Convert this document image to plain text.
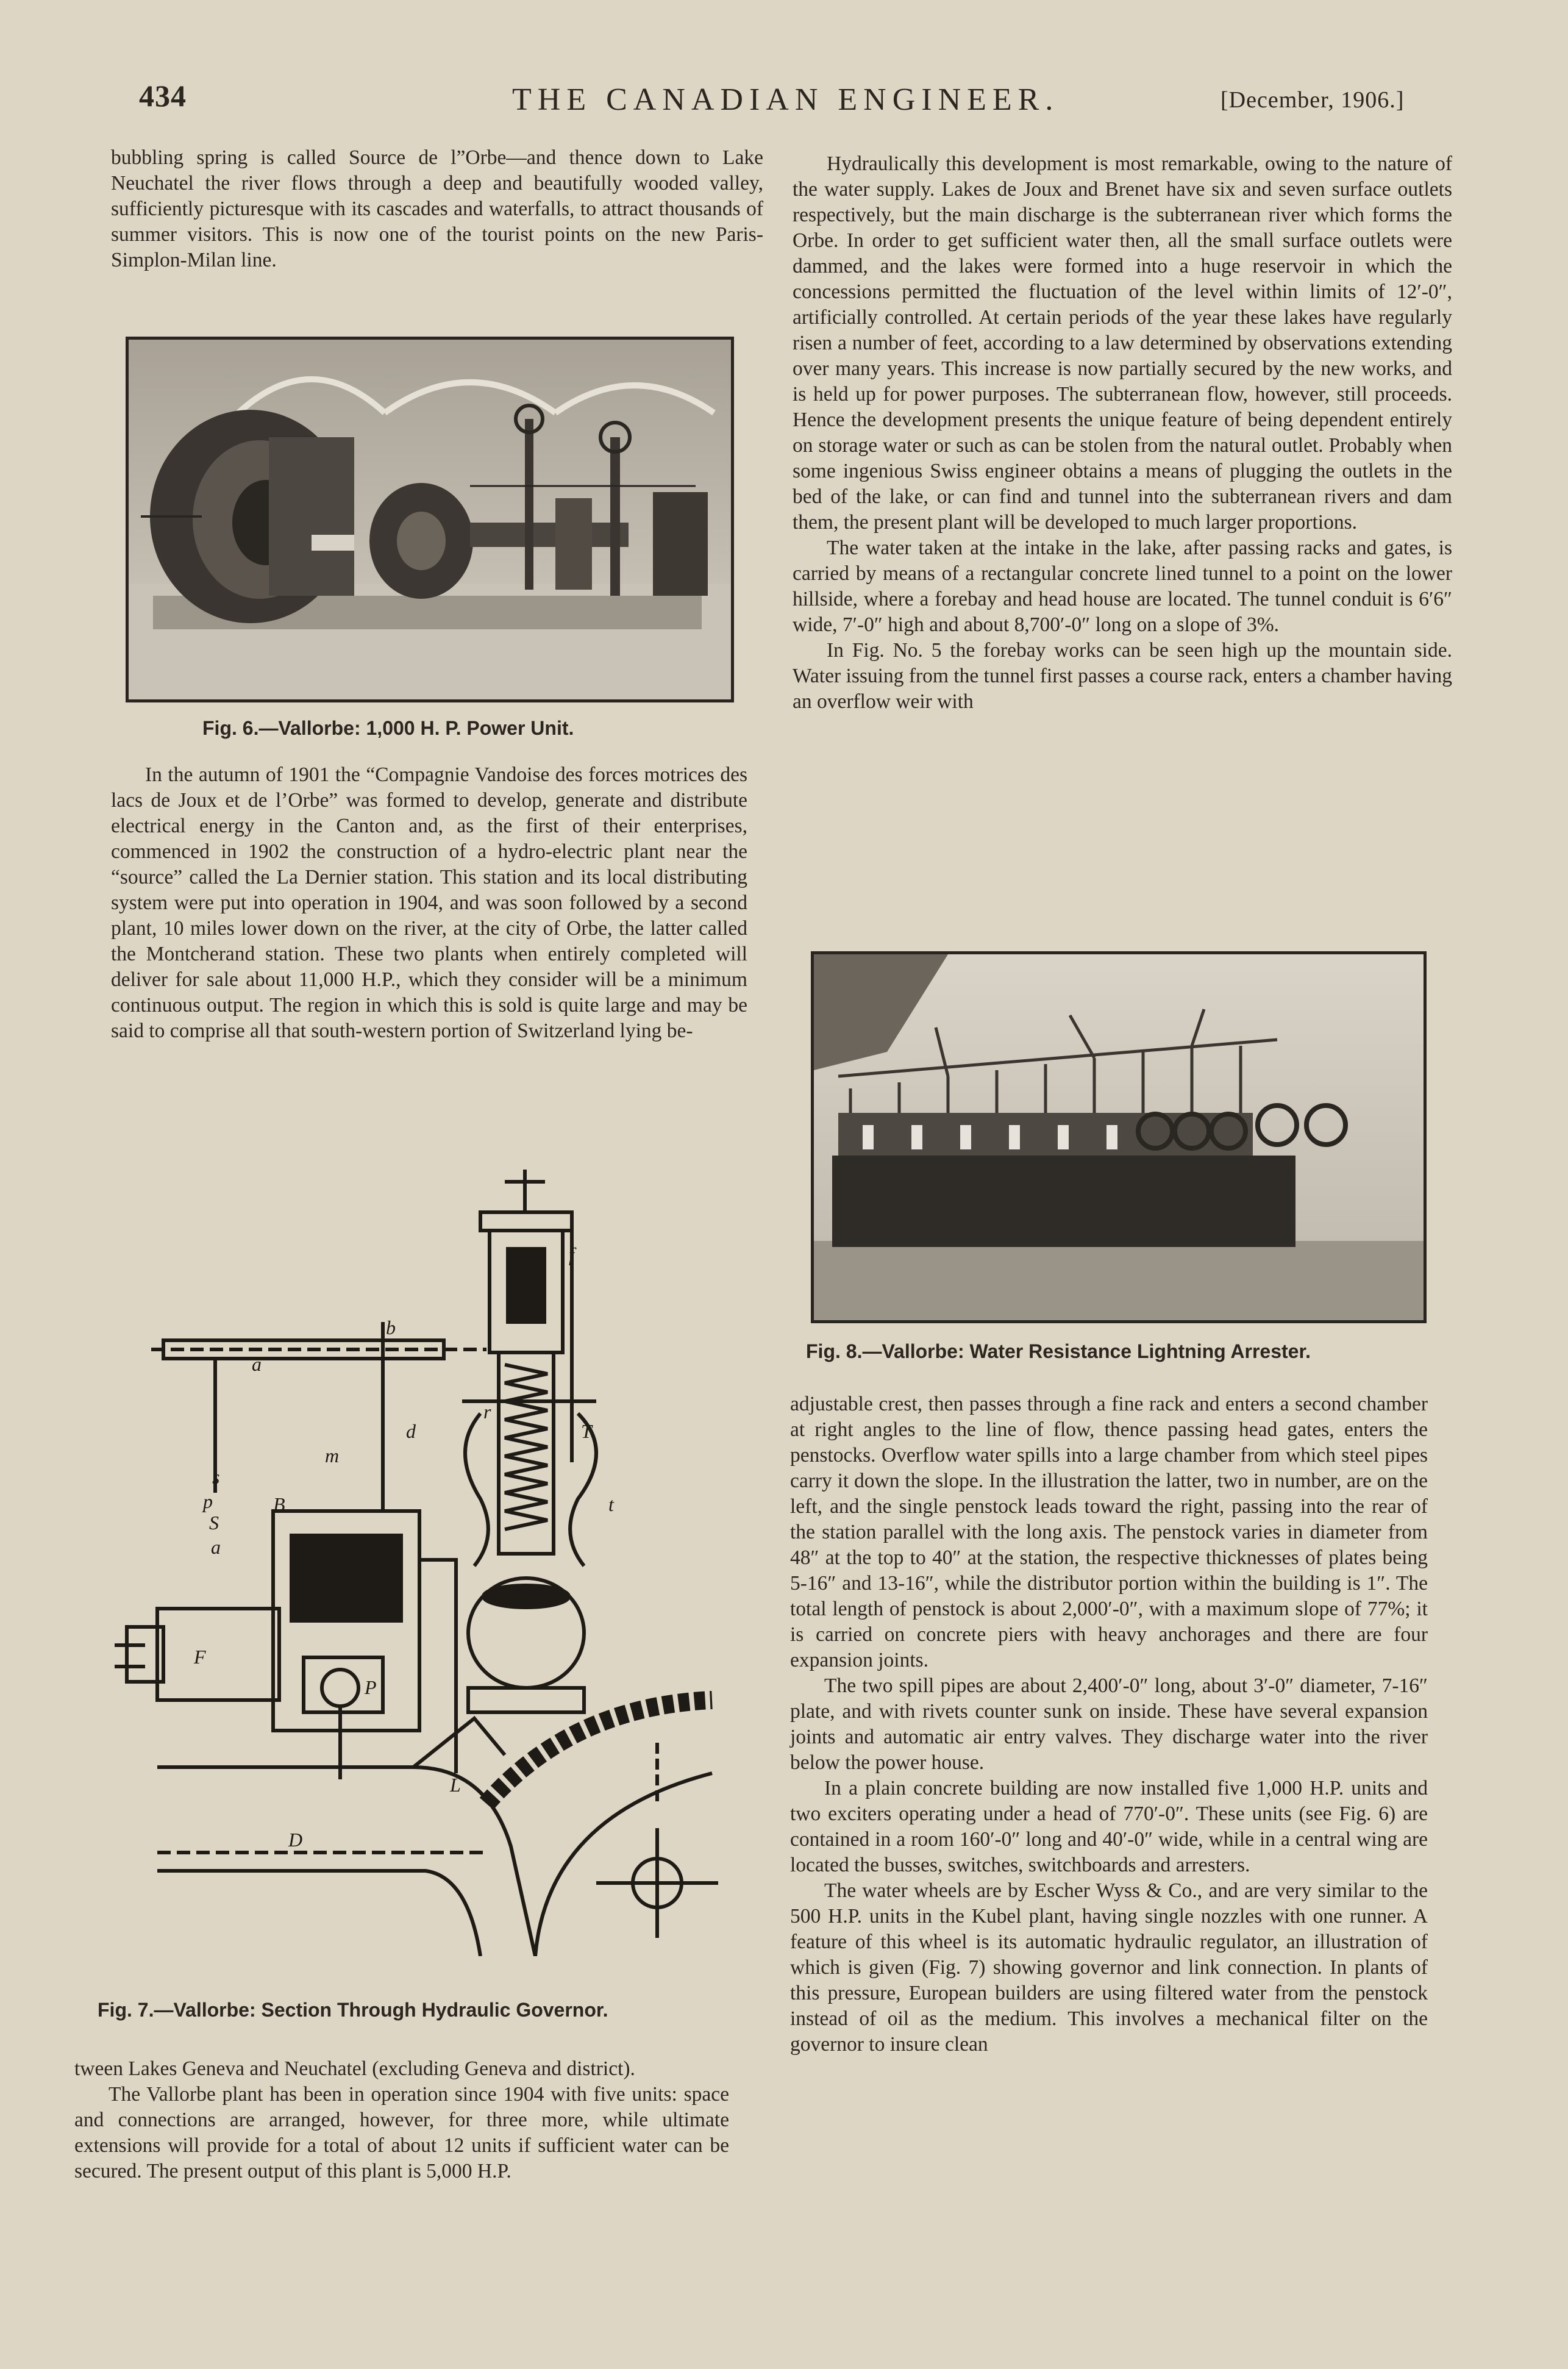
434	THE CANADIAN ENGINEER.	[December, 1906.]

bubbling spring is called Source de l”Orbe—and thence down to Lake Neuchatel the river flows through a deep and beautifully wooded valley, sufficiently picturesque with its cascades and waterfalls, to attract thousands of summer visitors. This is now one of the tourist points on the new Paris-Simplon-Milan line.

Fig. 6.—Vallorbe: 1,000 H. P. Power Unit.

In the autumn of 1901 the “Compagnie Vandoise des forces motrices des lacs de Joux et de l’Orbe” was formed to develop, generate and distribute electrical energy in the Canton and, as the first of their enterprises, commenced in 1902 the construction of a hydro-electric plant near the “source” called the La Dernier station. This station and its local distributing system were put into operation in 1904, and was soon followed by a second plant, 10 miles lower down on the river, at the city of Orbe, the latter called the Montcherand station. These two plants when entirely completed will deliver for sale about 11,000 H.P., which they consider will be a minimum continuous output. The region in which this is sold is quite large and may be said to comprise all that south-western portion of Switzerland lying be-

a
b
d
f
m
s
r
T
t
P
S
F
D
L
a
p	B
Fig. 7.—Vallorbe: Section Through Hydraulic Governor.

tween Lakes Geneva and Neuchatel (excluding Geneva and district).

The Vallorbe plant has been in operation since 1904 with five units: space and connections are arranged, however, for three more, while ultimate extensions will provide for a total of about 12 units if sufficient water can be secured. The present output of this plant is 5,000 H.P.

Hydraulically this development is most remarkable, owing to the nature of the water supply. Lakes de Joux and Brenet have six and seven surface outlets respectively, but the main discharge is the subterranean river which forms the Orbe. In order to get sufficient water then, all the small surface outlets were dammed, and the lakes were formed into a huge reservoir in which the concessions permitted the fluctuation of the level within limits of 12′-0″, artificially controlled. At certain periods of the year these lakes have regularly risen a number of feet, according to a law determined by observations extending over many years. This increase is now partially secured by the new works, and is held up for power purposes. The subterranean flow, however, still proceeds. Hence the development presents the unique feature of being dependent entirely on storage water or such as can be stolen from the natural outlet. Probably when some ingenious Swiss engineer obtains a means of plugging the outlets in the bed of the lake, or can find and tunnel into the subterranean rivers and dam them, the present plant will be developed to much larger proportions.

The water taken at the intake in the lake, after passing racks and gates, is carried by means of a rectangular concrete lined tunnel to a point on the lower hillside, where a forebay and head house are located. The tunnel conduit is 6′6″ wide, 7′-0″ high and about 8,700′-0″ long on a slope of 3%.

In Fig. No. 5 the forebay works can be seen high up the mountain side. Water issuing from the tunnel first passes a course rack, enters a chamber having an overflow weir with

Fig. 8.—Vallorbe: Water Resistance Lightning Arrester.

adjustable crest, then passes through a fine rack and enters a second chamber at right angles to the line of flow, thence passing head gates, enters the penstocks. Overflow water spills into a large chamber from which steel pipes carry it down the slope. In the illustration the latter, two in number, are on the left, and the single penstock leads toward the right, passing into the rear of the station parallel with the long axis. The penstock varies in diameter from 48″ at the top to 40″ at the station, the respective thicknesses of plates being 5-16″ and 13-16″, while the distributor portion within the building is 1″. The total length of penstock is about 2,000′-0″, with a maximum slope of 77%; it is carried on concrete piers with heavy anchorages and there are four expansion joints.

The two spill pipes are about 2,400′-0″ long, about 3′-0″ diameter, 7-16″ plate, and with rivets counter sunk on inside. These have several expansion joints and automatic air entry valves. They discharge water into the river below the power house.

In a plain concrete building are now installed five 1,000 H.P. units and two exciters operating under a head of 770′-0″. These units (see Fig. 6) are contained in a room 160′-0″ long and 40′-0″ wide, while in a central wing are located the busses, switches, switchboards and arresters.

The water wheels are by Escher Wyss & Co., and are very similar to the 500 H.P. units in the Kubel plant, having single nozzles with one runner. A feature of this wheel is its automatic hydraulic regulator, an illustration of which is given (Fig. 7) showing governor and link connection. In plants of this pressure, European builders are using filtered water from the penstock instead of oil as the medium. This involves a mechanical filter on the governor to insure clean
